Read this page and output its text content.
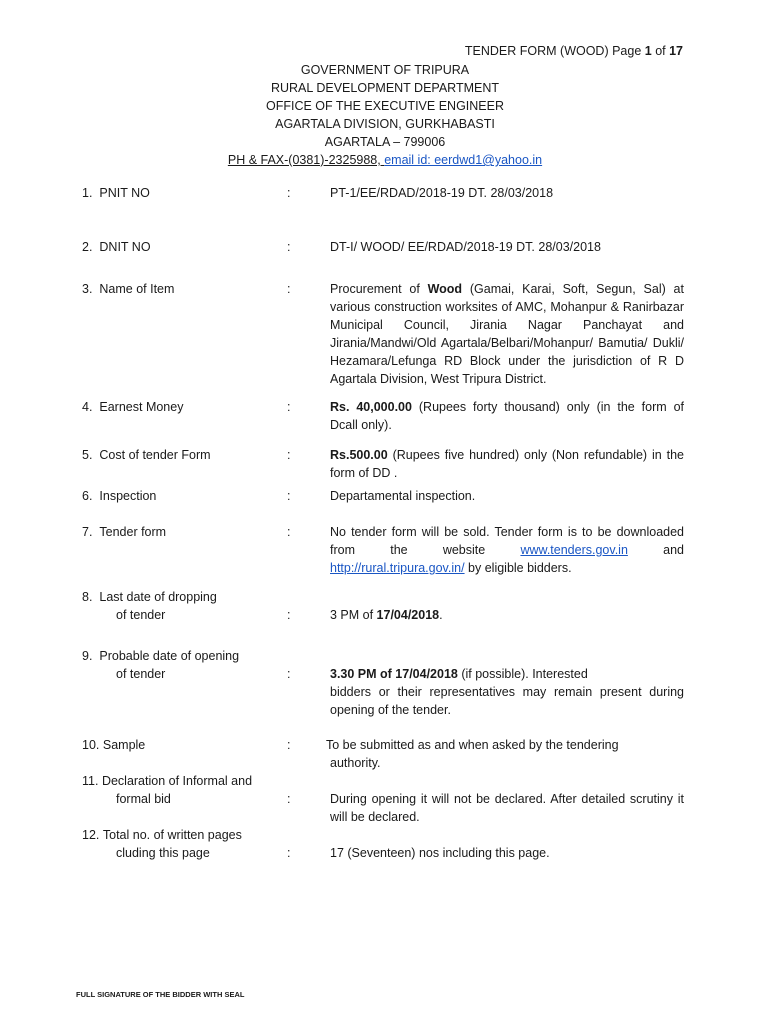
TENDER FORM (WOOD) Page 1 of 17
GOVERNMENT OF TRIPURA
RURAL DEVELOPMENT DEPARTMENT
OFFICE OF THE EXECUTIVE ENGINEER
AGARTALA DIVISION, GURKHABASTI
AGARTALA – 799006
PH & FAX-(0381)-2325988, email id: eerdwd1@yahoo.in
1. PNIT NO	:	PT-1/EE/RDAD/2018-19 DT. 28/03/2018
2. DNIT NO	:	DT-I/ WOOD/ EE/RDAD/2018-19 DT. 28/03/2018
3. Name of Item	:	Procurement of Wood (Gamai, Karai, Soft, Segun, Sal) at various construction worksites of AMC, Mohanpur & Ranirbazar Municipal Council, Jirania Nagar Panchayat and Jirania/Mandwi/Old Agartala/Belbari/Mohanpur/ Bamutia/ Dukli/ Hezamara/Lefunga RD Block under the jurisdiction of R D Agartala Division, West Tripura District.
4. Earnest Money	:	Rs. 40,000.00 (Rupees forty thousand) only (in the form of Dcall only).
5. Cost of tender Form	:	Rs.500.00 (Rupees five hundred) only (Non refundable) in the form of DD .
6. Inspection	:	Departamental inspection.
7. Tender form	:	No tender form will be sold. Tender form is to be downloaded from the website www.tenders.gov.in and http://rural.tripura.gov.in/ by eligible bidders.
8. Last date of dropping
of tender	:	3 PM of 17/04/2018.
9. Probable date of opening
of tender	:	3.30 PM of 17/04/2018 (if possible). Interested
bidders or their representatives may remain present during opening of the tender.
10. Sample	:	To be submitted as and when asked by the tendering
authority.
11. Declaration of Informal and
formal bid	:	During opening it will not be declared. After detailed scrutiny it will be declared.
12. Total no. of written pages
cluding this page	:	17 (Seventeen) nos including this page.
FULL SIGNATURE OF THE BIDDER WITH SEAL
